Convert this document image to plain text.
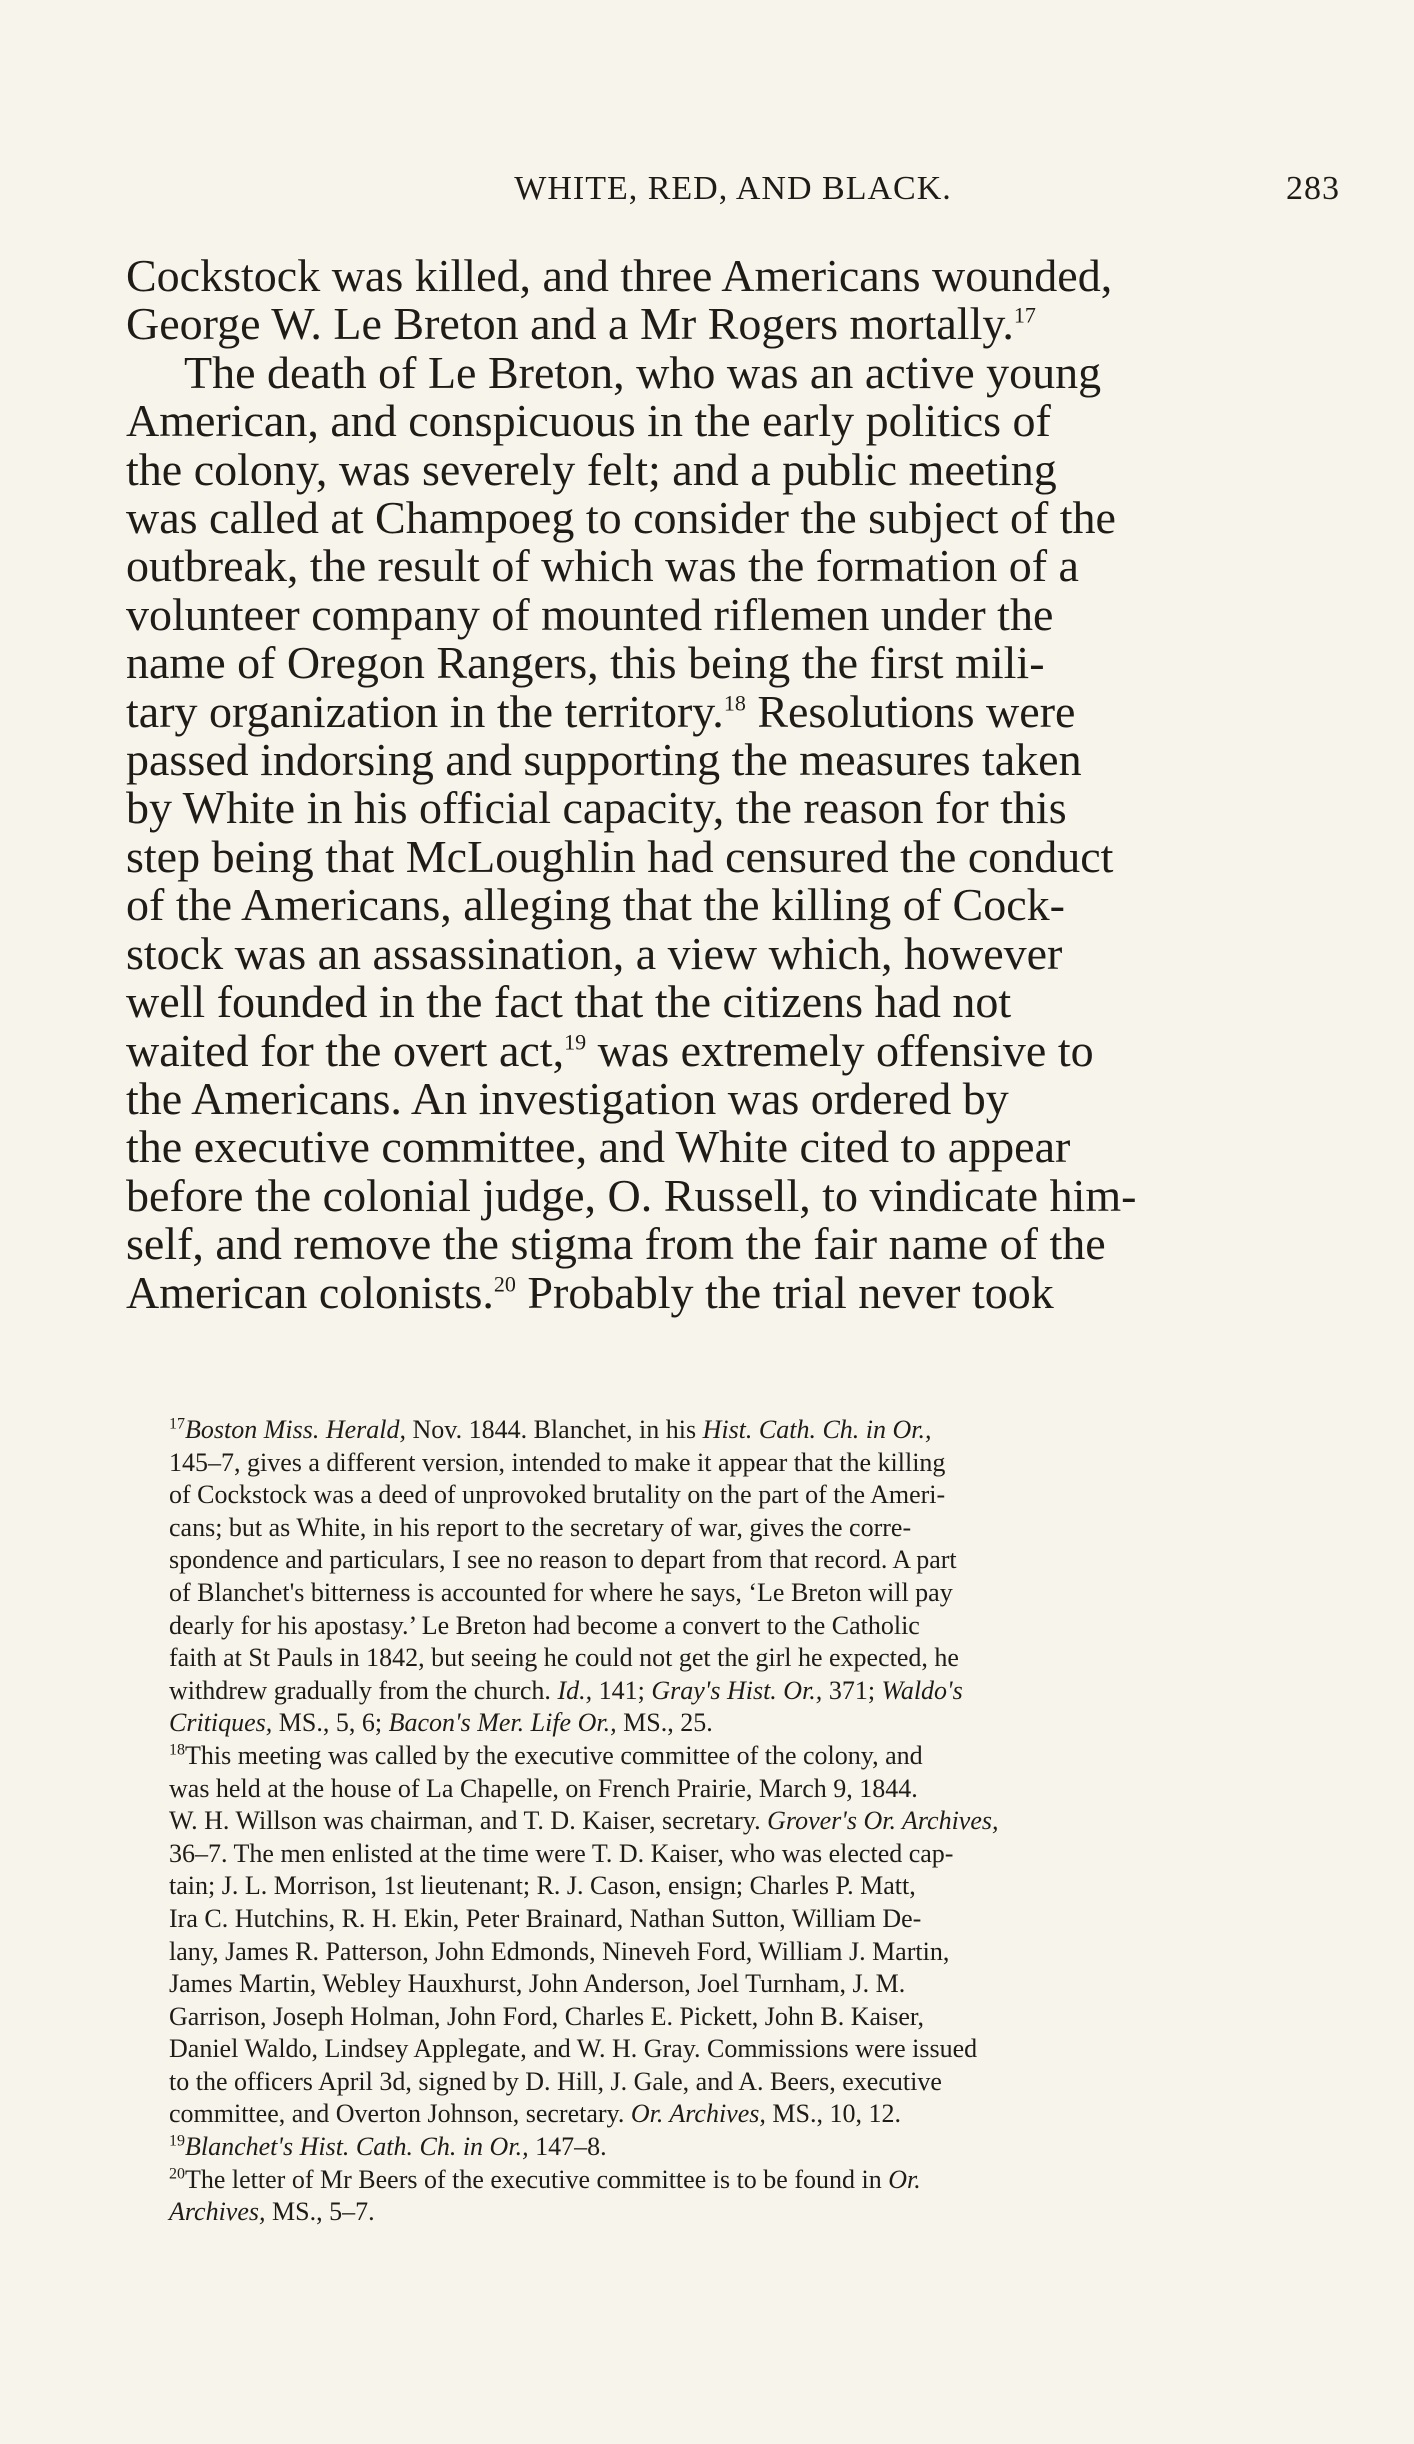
WHITE, RED, AND BLACK.	283

Cockstock was killed, and three Americans wounded,
George W. Le Breton and a Mr Rogers mortally.$^{17}$

The death of Le Breton, who was an active young

American, and conspicuous in the early politics of
the colony, was severely felt; and a public meeting
was called at Champoeg to consider the subject of the
outbreak, the result of which was the formation of a
volunteer company of mounted riflemen under the
name of Oregon Rangers, this being the first mili-
tary organization in the territory.$^{18}$ Resolutions were
passed indorsing and supporting the measures taken
by White in his official capacity, the reason for this
step being that McLoughlin had censured the conduct
of the Americans, alleging that the killing of Cock-
stock was an assassination, a view which, however
well founded in the fact that the citizens had not
waited for the overt act,$^{19}$ was extremely offensive to
the Americans. An investigation was ordered by
the executive committee, and White cited to appear
before the colonial judge, O. Russell, to vindicate him-
self, and remove the stigma from the fair name of the
American colonists.$^{20}$ Probably the trial never took

$^{17}$Boston Miss. Herald, Nov. 1844. Blanchet, in his Hist. Cath. Ch. in Or.,
145–7, gives a different version, intended to make it appear that the killing
of Cockstock was a deed of unprovoked brutality on the part of the Ameri-
cans; but as White, in his report to the secretary of war, gives the corre-
spondence and particulars, I see no reason to depart from that record. A part
of Blanchet's bitterness is accounted for where he says, ‘Le Breton will pay
dearly for his apostasy.’ Le Breton had become a convert to the Catholic
faith at St Pauls in 1842, but seeing he could not get the girl he expected, he
withdrew gradually from the church. Id., 141; Gray's Hist. Or., 371; Waldo's
Critiques, MS., 5, 6; Bacon's Mer. Life Or., MS., 25.
$^{18}$This meeting was called by the executive committee of the colony, and
was held at the house of La Chapelle, on French Prairie, March 9, 1844.
W. H. Willson was chairman, and T. D. Kaiser, secretary. Grover's Or. Archives,
36–7. The men enlisted at the time were T. D. Kaiser, who was elected cap-
tain; J. L. Morrison, 1st lieutenant; R. J. Cason, ensign; Charles P. Matt,
Ira C. Hutchins, R. H. Ekin, Peter Brainard, Nathan Sutton, William De-
lany, James R. Patterson, John Edmonds, Nineveh Ford, William J. Martin,
James Martin, Webley Hauxhurst, John Anderson, Joel Turnham, J. M.
Garrison, Joseph Holman, John Ford, Charles E. Pickett, John B. Kaiser,
Daniel Waldo, Lindsey Applegate, and W. H. Gray. Commissions were issued
to the officers April 3d, signed by D. Hill, J. Gale, and A. Beers, executive
committee, and Overton Johnson, secretary. Or. Archives, MS., 10, 12.
$^{19}$Blanchet's Hist. Cath. Ch. in Or., 147–8.
$^{20}$The letter of Mr Beers of the executive committee is to be found in Or.
Archives, MS., 5–7.
